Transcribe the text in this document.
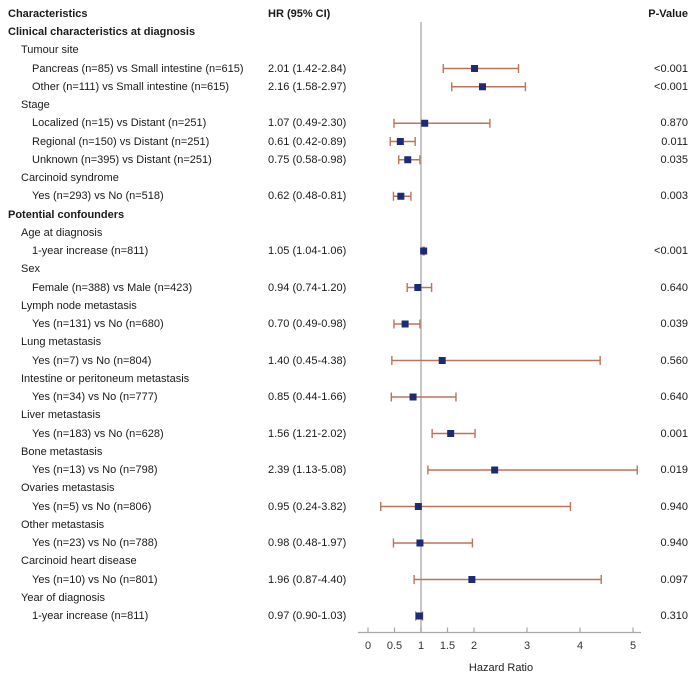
0 0.5 1 1.5 2	3	4	5
Characteristics	HR (95% CI)	P-Value
Clinical characteristics at diagnosis
Tumour site
Pancreas (n=85) vs Small intestine (n=615) 2.01 (1.42-2.84)	<0.001
Other (n=111) vs Small intestine (n=615)	2.16 (1.58-2.97)	<0.001
Stage
Localized (n=15) vs Distant (n=251)	1.07 (0.49-2.30)	0.870
Regional (n=150) vs Distant (n=251)	0.61 (0.42-0.89)	0.011
Unknown (n=395) vs Distant (n=251)	0.75 (0.58-0.98)	0.035
Carcinoid syndrome
Yes (n=293) vs No (n=518)	0.62 (0.48-0.81)	0.003
Potential confounders
Age at diagnosis
1-year increase (n=811)	1.05 (1.04-1.06)	<0.001
Sex
Female (n=388) vs Male (n=423)	0.94 (0.74-1.20)	0.640
Lymph node metastasis
Yes (n=131) vs No (n=680)	0.70 (0.49-0.98)	0.039
Lung metastasis
Yes (n=7) vs No (n=804)	1.40 (0.45-4.38)	0.560
Intestine or peritoneum metastasis
Yes (n=34) vs No (n=777)	0.85 (0.44-1.66)	0.640
Liver metastasis
Yes (n=183) vs No (n=628)	1.56 (1.21-2.02)	0.001
Bone metastasis
Yes (n=13) vs No (n=798)	2.39 (1.13-5.08)	0.019
Ovaries metastasis
Yes (n=5) vs No (n=806)	0.95 (0.24-3.82)	0.940
Other metastasis
Yes (n=23) vs No (n=788)	0.98 (0.48-1.97)	0.940
Carcinoid heart disease
Yes (n=10) vs No (n=801)	1.96 (0.87-4.40)	0.097
Year of diagnosis
1-year increase (n=811)	0.97 (0.90-1.03)	0.310
Hazard Ratio
